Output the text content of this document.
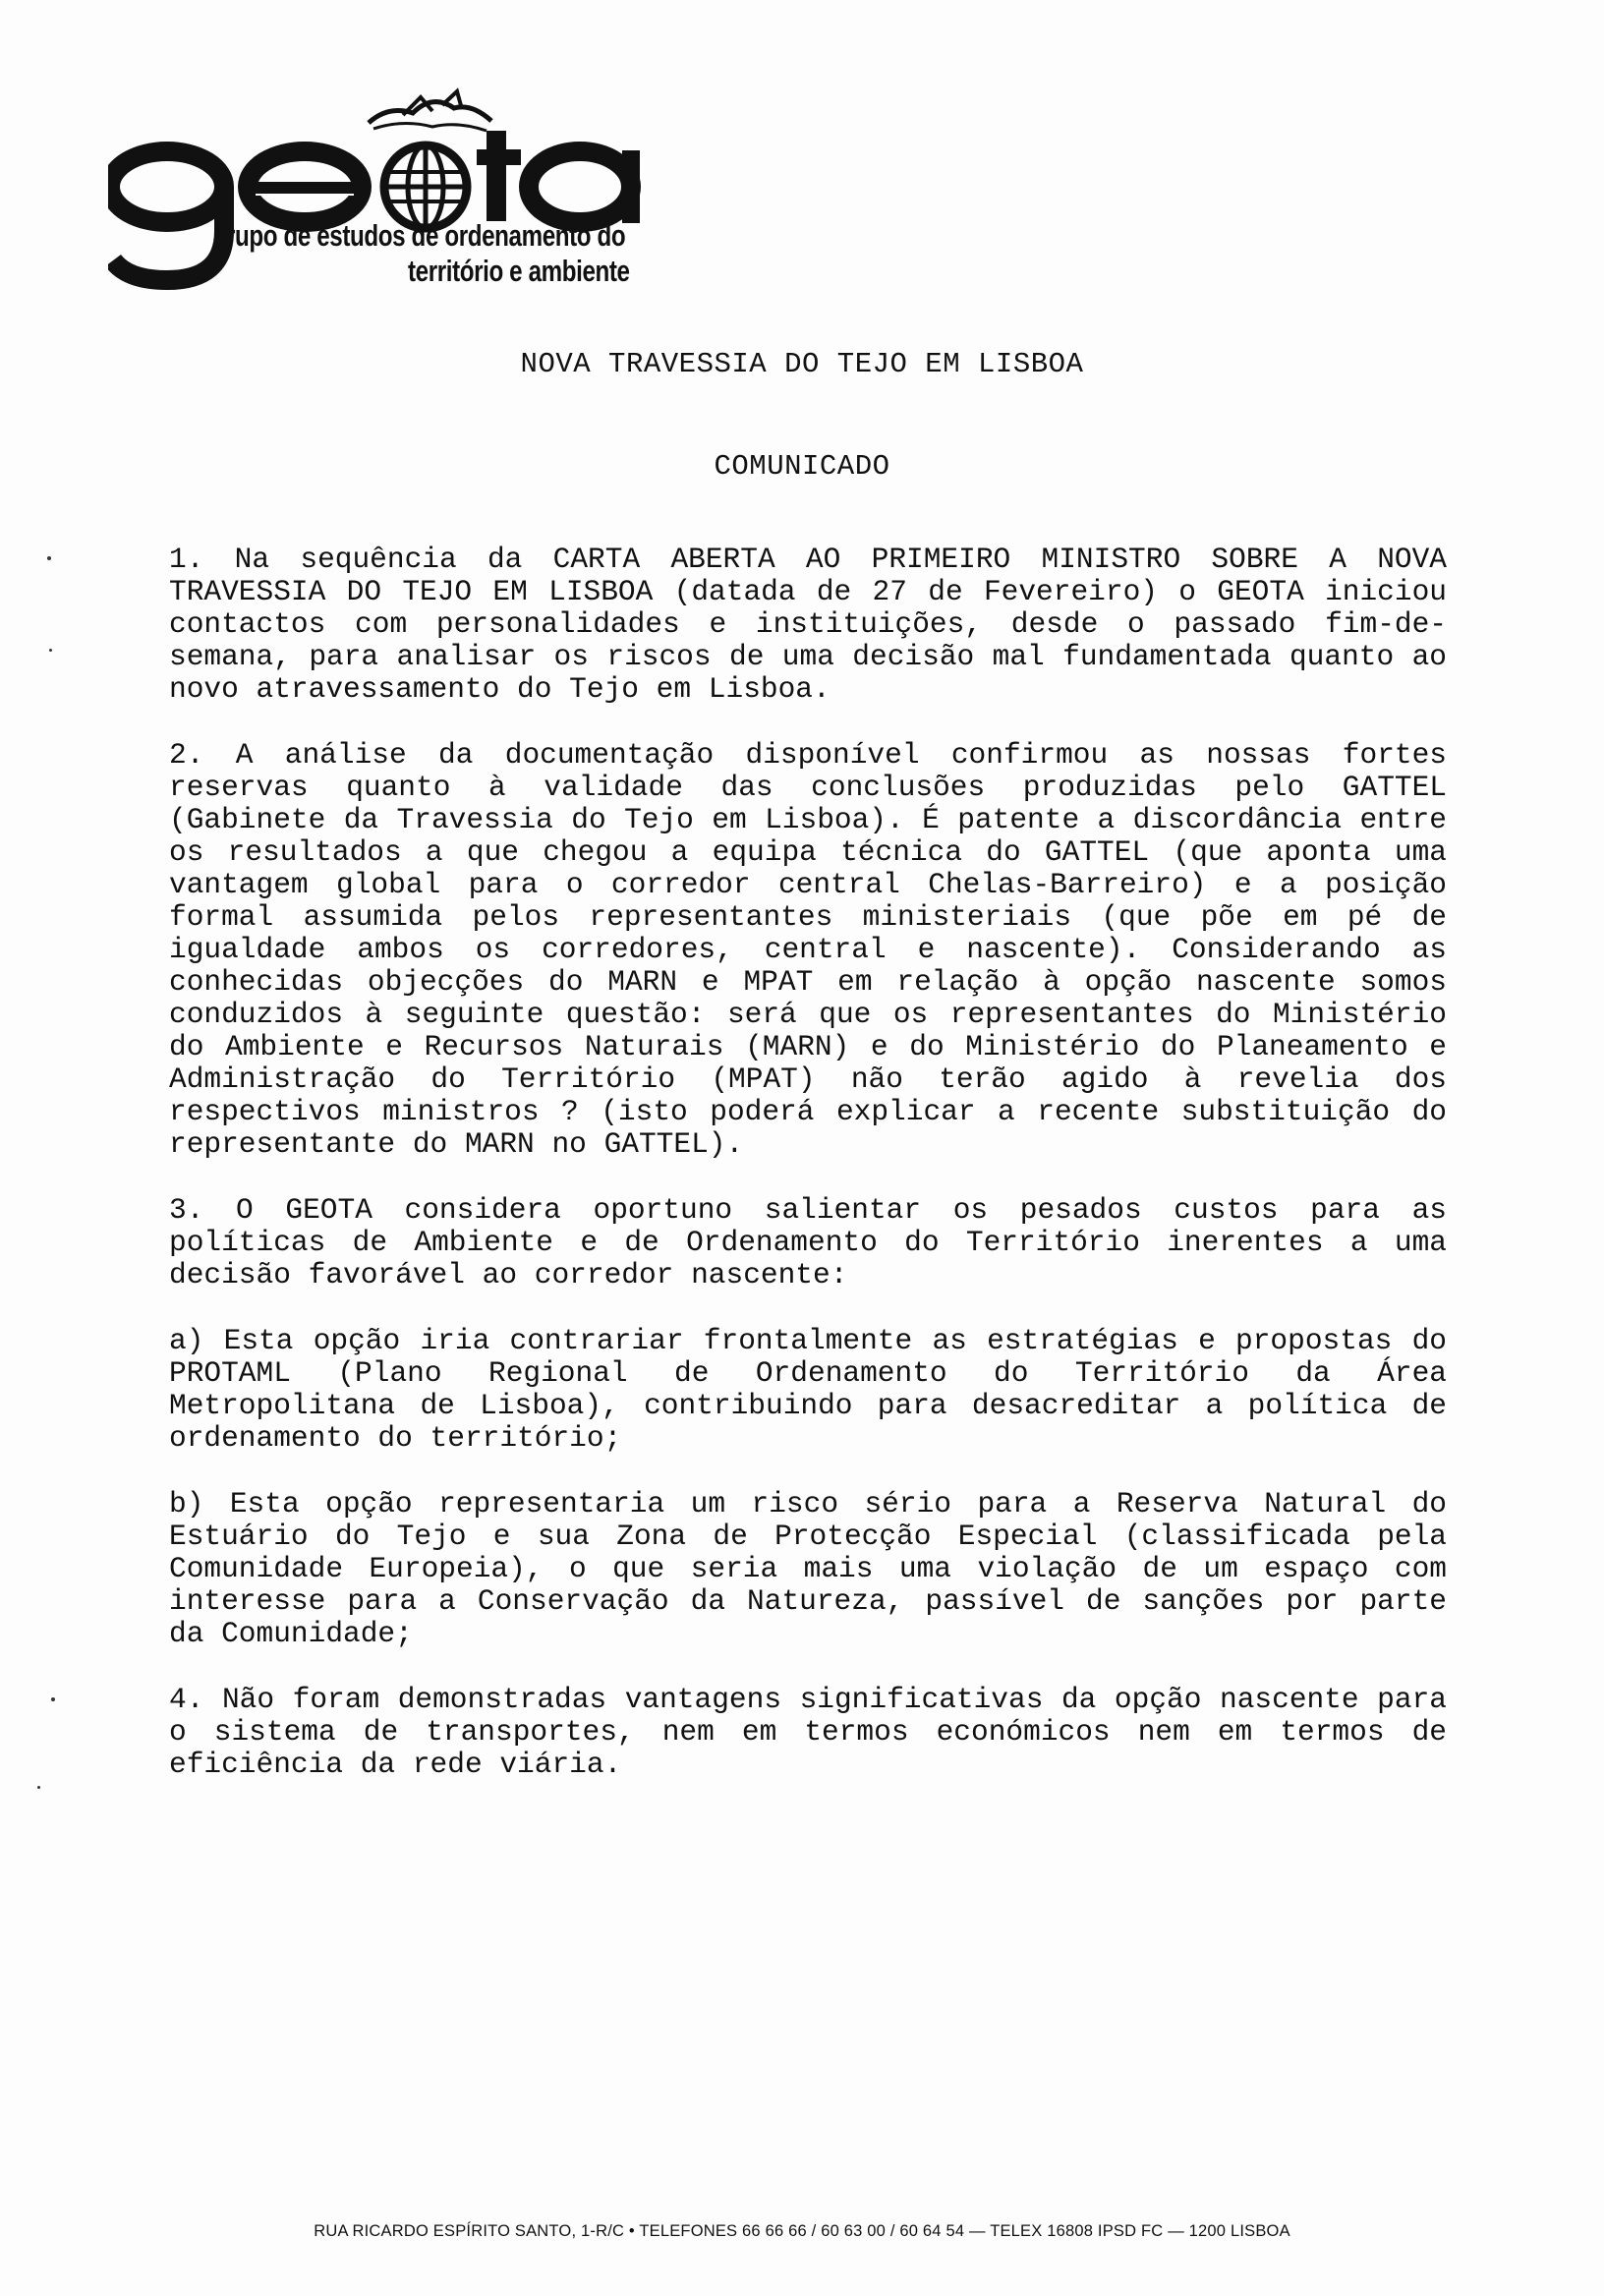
rupo de estudos de ordenamento do
território e ambiente
NOVA TRAVESSIA DO TEJO EM LISBOA
COMUNICADO

1. Na sequência da CARTA ABERTA AO PRIMEIRO MINISTRO SOBRE A NOVA TRAVESSIA DO TEJO EM LISBOA (datada de 27 de Fevereiro) o GEOTA iniciou contactos com personalidades e instituições, desde o passado fim-de-semana, para analisar os riscos de uma decisão mal fundamentada quanto ao novo atravessamento do Tejo em Lisboa.

2. A análise da documentação disponível confirmou as nossas fortes reservas quanto à validade das conclusões produzidas pelo GATTEL (Gabinete da Travessia do Tejo em Lisboa). É patente a discordância entre os resultados a que chegou a equipa técnica do GATTEL (que aponta uma vantagem global para o corredor central Chelas-Barreiro) e a posição formal assumida pelos representantes ministeriais (que põe em pé de igualdade ambos os corredores, central e nascente). Considerando as conhecidas objecções do MARN e MPAT em relação à opção nascente somos conduzidos à seguinte questão: será que os representantes do Ministério do Ambiente e Recursos Naturais (MARN) e do Ministério do Planeamento e Administração do Território (MPAT) não terão agido à revelia dos respectivos ministros ? (isto poderá explicar a recente substituição do representante do MARN no GATTEL).

3. O GEOTA considera oportuno salientar os pesados custos para as políticas de Ambiente e de Ordenamento do Território inerentes a uma decisão favorável ao corredor nascente:

a) Esta opção iria contrariar frontalmente as estratégias e propostas do PROTAML (Plano Regional de Ordenamento do Território da Área Metropolitana de Lisboa), contribuindo para desacreditar a política de ordenamento do território;

b) Esta opção representaria um risco sério para a Reserva Natural do Estuário do Tejo e sua Zona de Protecção Especial (classificada pela Comunidade Europeia), o que seria mais uma violação de um espaço com interesse para a Conservação da Natureza, passível de sanções por parte da Comunidade;

4. Não foram demonstradas vantagens significativas da opção nascente para o sistema de transportes, nem em termos económicos nem em termos de eficiência da rede viária.

RUA RICARDO ESPÍRITO SANTO, 1-R/C • TELEFONES 66 66 66 / 60 63 00 / 60 64 54 — TELEX 16808 IPSD FC — 1200 LISBOA
